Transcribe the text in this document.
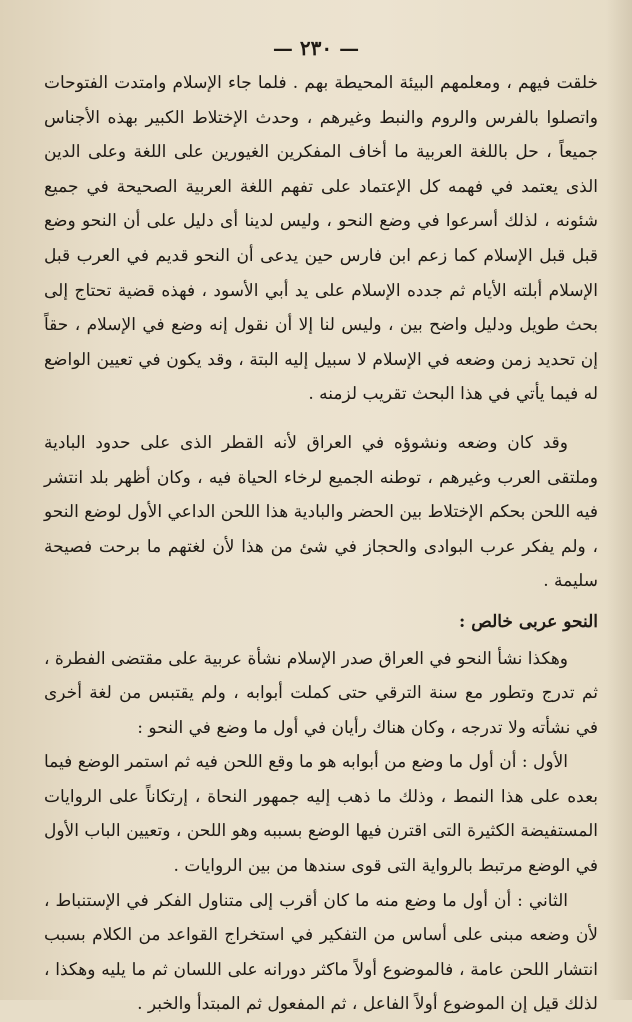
— ٢٣٠ —

خلقت فيهم ، ومعلمهم البيئة المحيطة بهم . فلما جاء الإسلام وامتدت الفتوحات واتصلوا بالفرس والروم والنبط وغيرهم ، وحدث الإختلاط الكبير بهذه الأجناس جميعاً ، حل باللغة العربية ما أخاف المفكرين الغيورين على اللغة وعلى الدين الذى يعتمد في فهمه كل الإعتماد على تفهم اللغة العربية الصحيحة في جميع شئونه ، لذلك أسرعوا في وضع النحو ، وليس لدينا أى دليل على أن النحو وضع قبل قبل الإسلام كما زعم ابن فارس حين يدعى أن النحو قديم في العرب قبل الإسلام أبلته الأيام ثم جدده الإسلام على يد أبي الأسود ، فهذه قضية تحتاج إلى بحث طويل ودليل واضح بين ، وليس لنا إلا أن نقول إنه وضع في الإسلام ، حقاً إن تحديد زمن وضعه في الإسلام لا سبيل إليه البتة ، وقد يكون في تعيين الواضع له فيما يأتي في هذا البحث تقريب لزمنه .

وقد كان وضعه ونشوؤه في العراق لأنه القطر الذى على حدود البادية وملتقى العرب وغيرهم ، توطنه الجميع لرخاء الحياة فيه ، وكان أظهر بلد انتشر فيه اللحن بحكم الإختلاط بين الحضر والبادية هذا اللحن الداعي الأول لوضع النحو ، ولم يفكر عرب البوادى والحجاز في شئ من هذا لأن لغتهم ما برحت فصيحة سليمة .

النحو عربى خالص :

وهكذا نشأ النحو في العراق صدر الإسلام نشأة عربية على مقتضى الفطرة ، ثم تدرج وتطور مع سنة الترقي حتى كملت أبوابه ، ولم يقتبس من لغة أخرى في نشأته ولا تدرجه ، وكان هناك رأيان في أول ما وضع في النحو :

الأول : أن أول ما وضع من أبوابه هو ما وقع اللحن فيه ثم استمر الوضع فيما بعده على هذا النمط ، وذلك ما ذهب إليه جمهور النحاة ، إرتكاناً على الروايات المستفيضة الكثيرة التى اقترن فيها الوضع بسببه وهو اللحن ، وتعيين الباب الأول في الوضع مرتبط بالرواية التى قوى سندها من بين الروايات .

الثاني : أن أول ما وضع منه ما كان أقرب إلى متناول الفكر في الإستنباط ، لأن وضعه مبنى على أساس من التفكير في استخراج القواعد من الكلام بسبب انتشار اللحن عامة ، فالموضوع أولاً ماكثر دورانه على اللسان ثم ما يليه وهكذا ، لذلك قيل إن الموضوع أولاً الفاعل ، ثم المفعول ثم المبتدأ والخبر .
